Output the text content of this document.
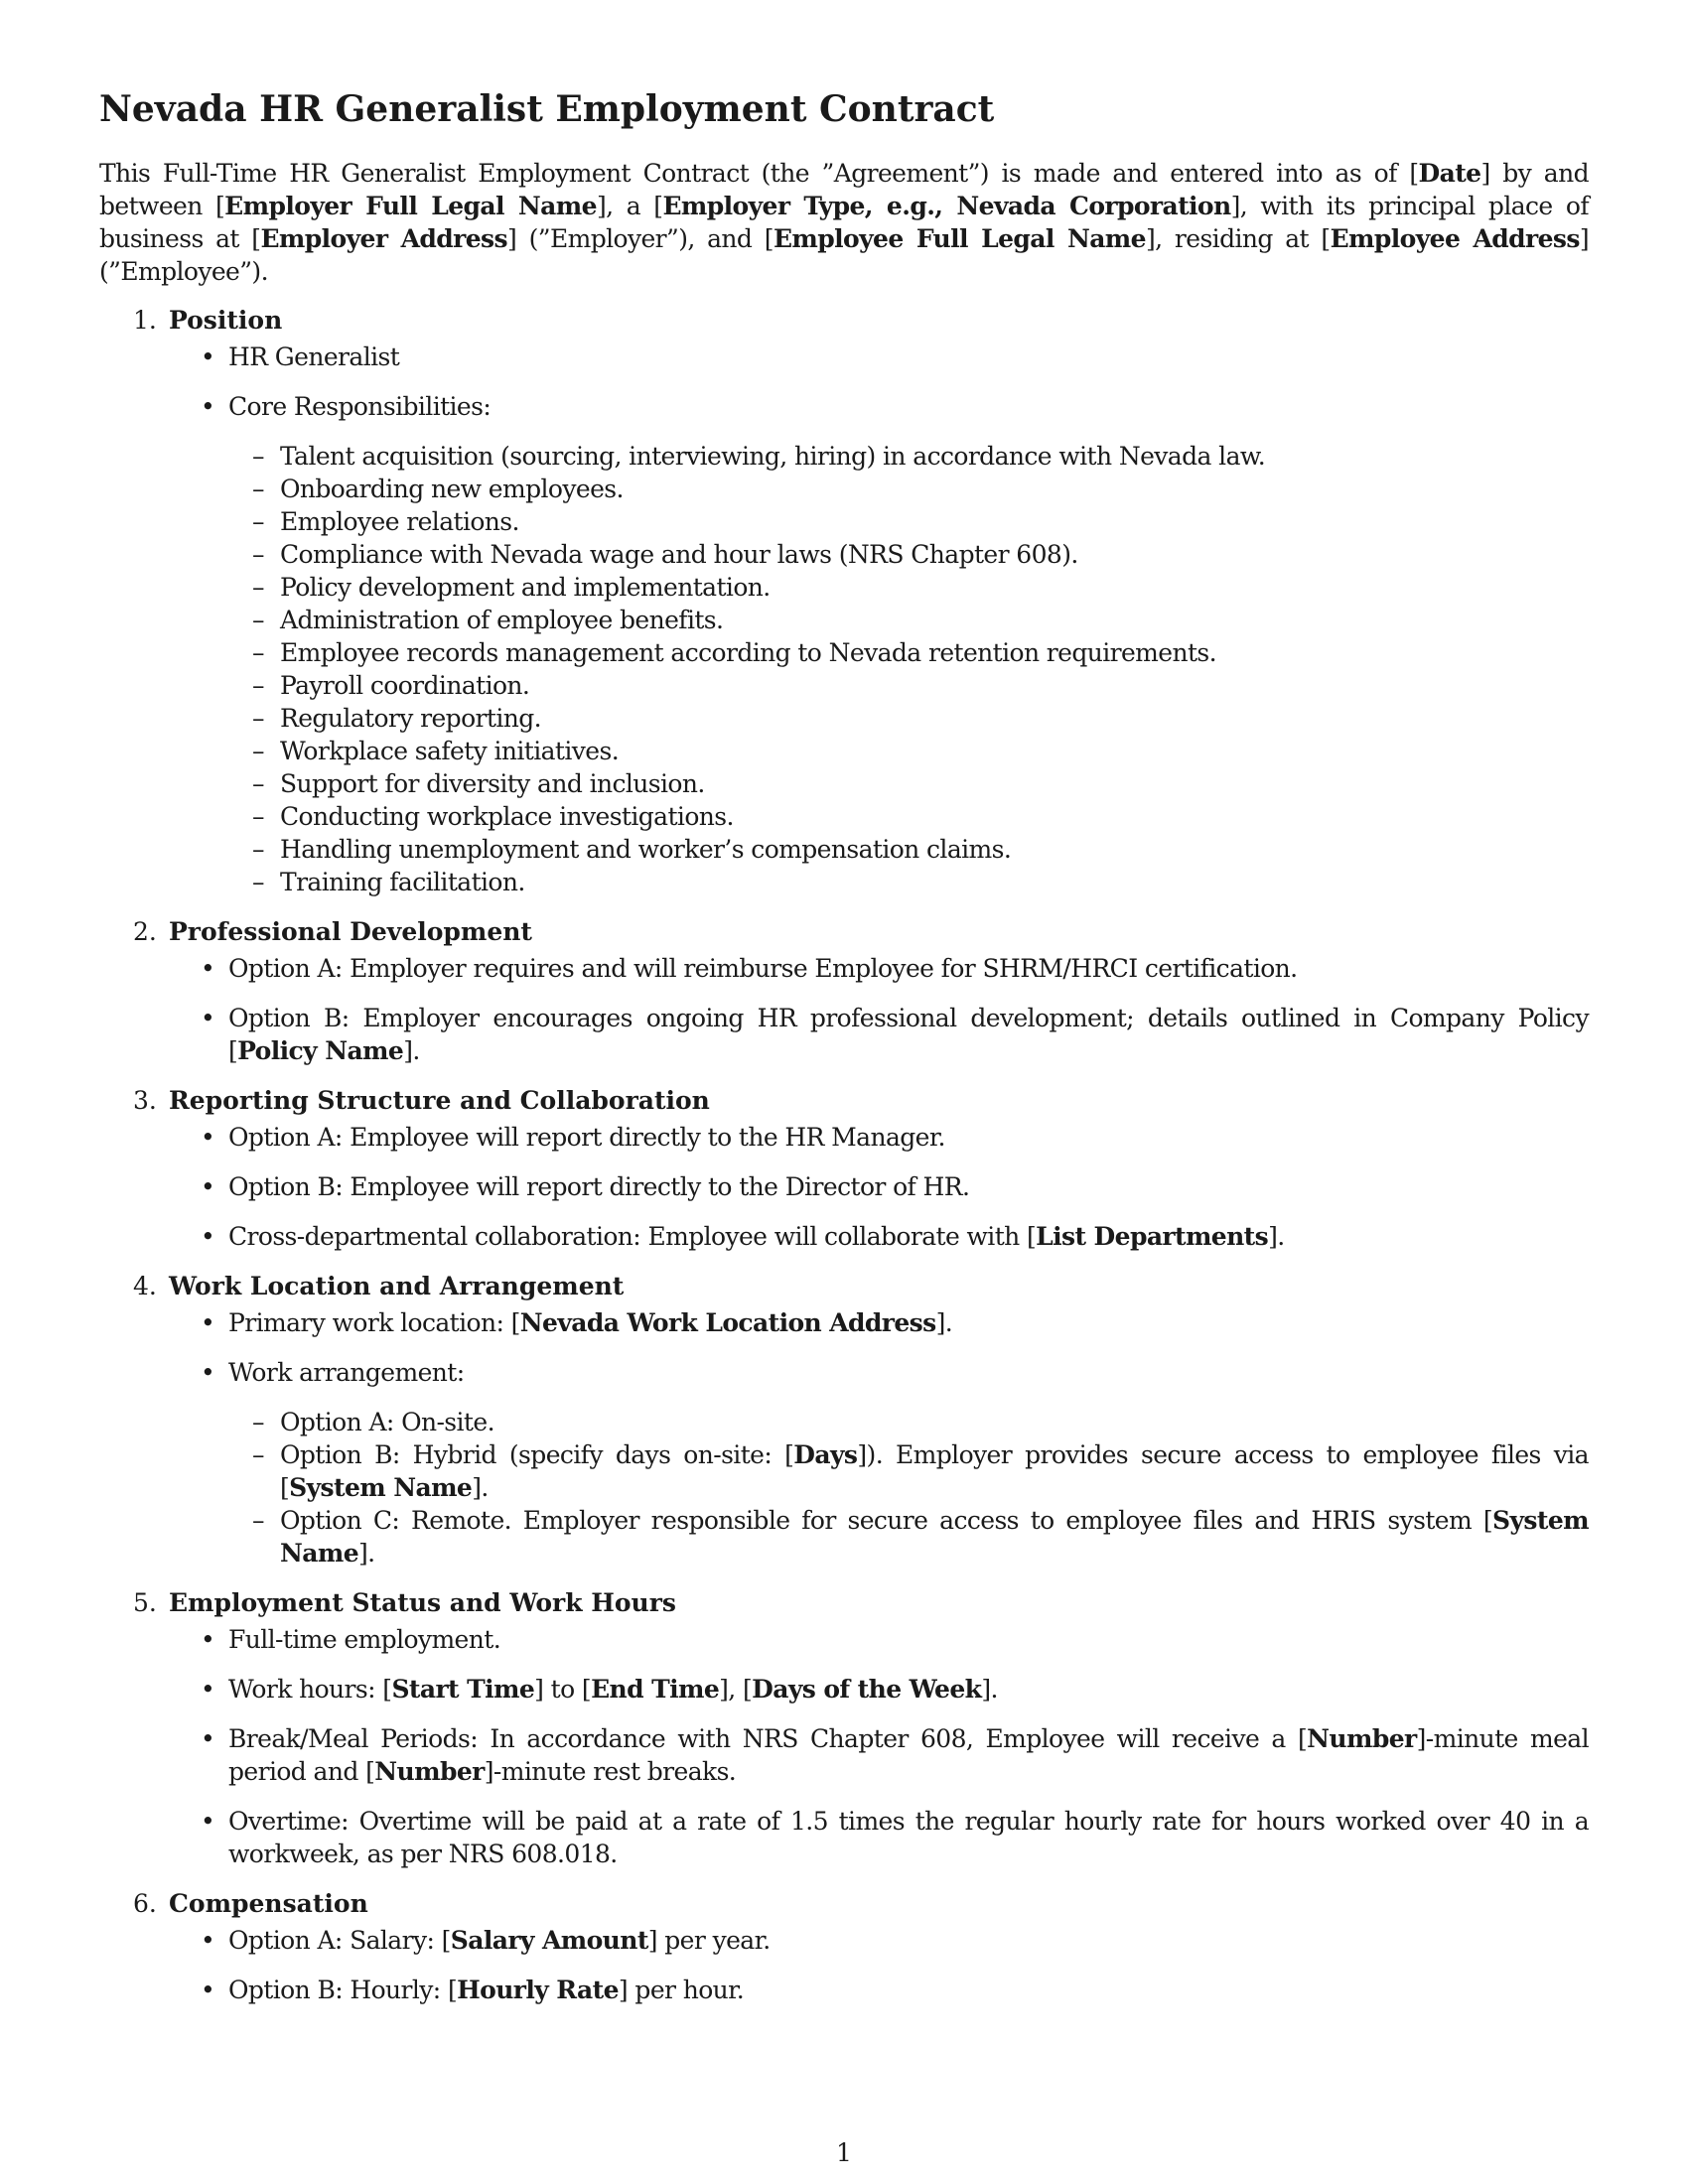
Nevada HR Generalist Employment Contract

This Full-Time HR Generalist Employment Contract (the ”Agreement”) is made and entered into as of [Date] by and between [Employer Full Legal Name], a [Employer Type, e.g., Nevada Corporation], with its principal place of business at [Employer Address] (”Employer”), and [Employee Full Legal Name], residing at [Employee Address] (”Employee”).

1. Position
• HR Generalist
• Core Responsibilities:
– Talent acquisition (sourcing, interviewing, hiring) in accordance with Nevada law.
– Onboarding new employees.
– Employee relations.
– Compliance with Nevada wage and hour laws (NRS Chapter 608).
– Policy development and implementation.
– Administration of employee benefits.
– Employee records management according to Nevada retention requirements.
– Payroll coordination.
– Regulatory reporting.
– Workplace safety initiatives.
– Support for diversity and inclusion.
– Conducting workplace investigations.
– Handling unemployment and worker’s compensation claims.
– Training facilitation.
2. Professional Development
• Option A: Employer requires and will reimburse Employee for SHRM/HRCI certification.
• Option B: Employer encourages ongoing HR professional development; details outlined in Company Policy [Policy Name].
3. Reporting Structure and Collaboration
• Option A: Employee will report directly to the HR Manager.
• Option B: Employee will report directly to the Director of HR.
• Cross-departmental collaboration: Employee will collaborate with [List Departments].
4. Work Location and Arrangement
• Primary work location: [Nevada Work Location Address].
• Work arrangement:
– Option A: On-site.
– Option B: Hybrid (specify days on-site: [Days]). Employer provides secure access to employee files via [System Name].
– Option C: Remote. Employer responsible for secure access to employee files and HRIS system [System Name].
5. Employment Status and Work Hours
• Full-time employment.
• Work hours: [Start Time] to [End Time], [Days of the Week].
• Break/Meal Periods: In accordance with NRS Chapter 608, Employee will receive a [Number]-minute meal period and [Number]-minute rest breaks.
• Overtime: Overtime will be paid at a rate of 1.5 times the regular hourly rate for hours worked over 40 in a workweek, as per NRS 608.018.
6. Compensation
• Option A: Salary: [Salary Amount] per year.
• Option B: Hourly: [Hourly Rate] per hour.
1
